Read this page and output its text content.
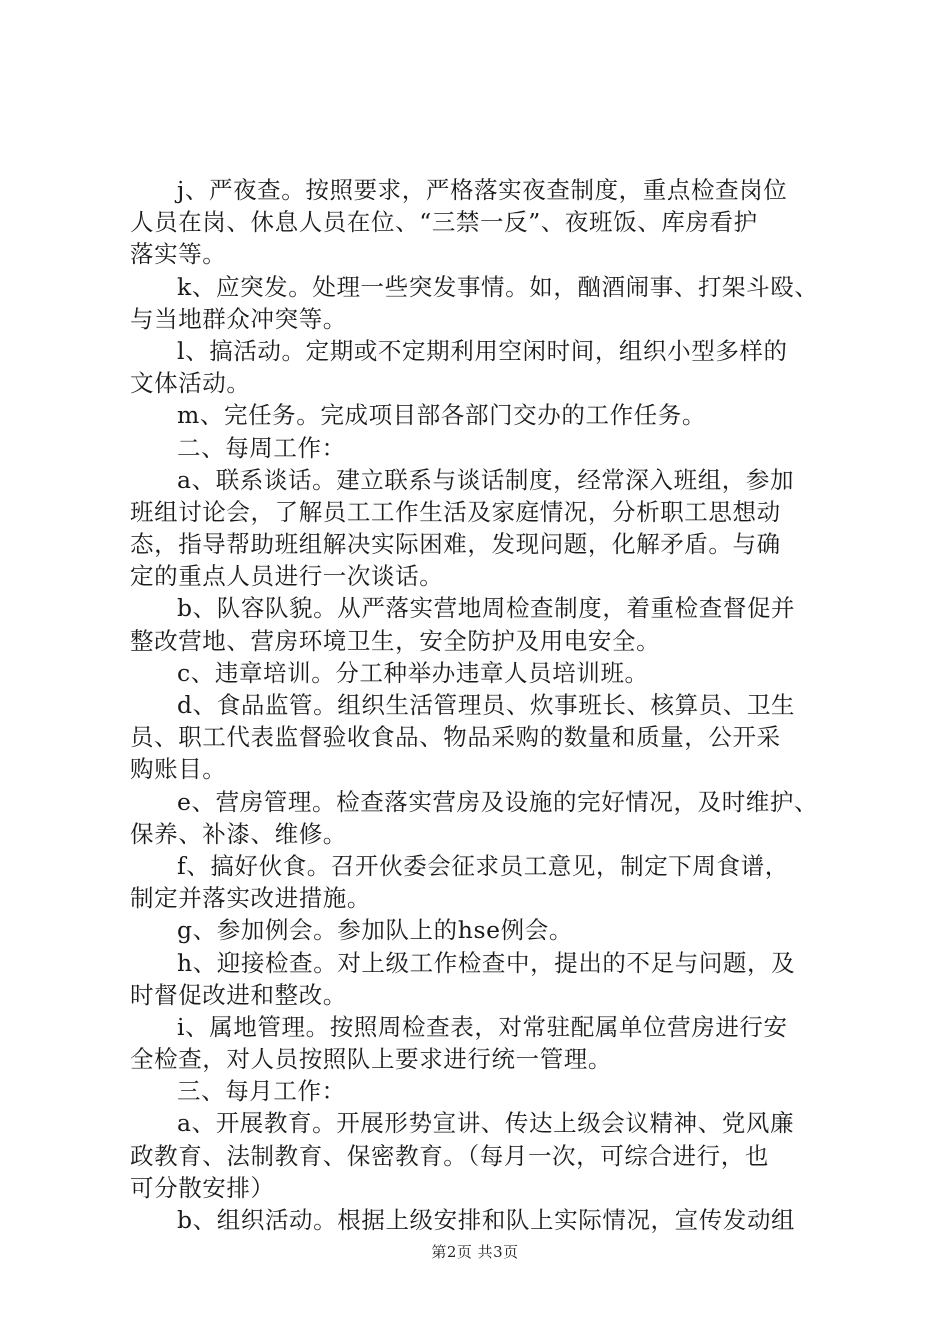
j、严夜查。按照要求，严格落实夜查制度，重点检查岗位
人员在岗、休息人员在位、“三禁一反”、夜班饭、库房看护
落实等。
k、应突发。处理一些突发事情。如，酗酒闹事、打架斗殴、
与当地群众冲突等。
l、搞活动。定期或不定期利用空闲时间，组织小型多样的
文体活动。
m、完任务。完成项目部各部门交办的工作任务。
二、每周工作：
a、联系谈话。建立联系与谈话制度，经常深入班组，参加
班组讨论会，了解员工工作生活及家庭情况，分析职工思想动
态，指导帮助班组解决实际困难，发现问题，化解矛盾。与确
定的重点人员进行一次谈话。
b、队容队貌。从严落实营地周检查制度，着重检查督促并
整改营地、营房环境卫生，安全防护及用电安全。
c、违章培训。分工种举办违章人员培训班。
d、食品监管。组织生活管理员、炊事班长、核算员、卫生
员、职工代表监督验收食品、物品采购的数量和质量，公开采
购账目。
e、营房管理。检查落实营房及设施的完好情况，及时维护、
保养、补漆、维修。
f、搞好伙食。召开伙委会征求员工意见，制定下周食谱，
制定并落实改进措施。
g、参加例会。参加队上的hse例会。
h、迎接检查。对上级工作检查中，提出的不足与问题，及
时督促改进和整改。
i、属地管理。按照周检查表，对常驻配属单位营房进行安
全检查，对人员按照队上要求进行统一管理。
三、每月工作：
a、开展教育。开展形势宣讲、传达上级会议精神、党风廉
政教育、法制教育、保密教育。（每月一次，可综合进行，也
可分散安排）
b、组织活动。根据上级安排和队上实际情况，宣传发动组
第2页 共3页
